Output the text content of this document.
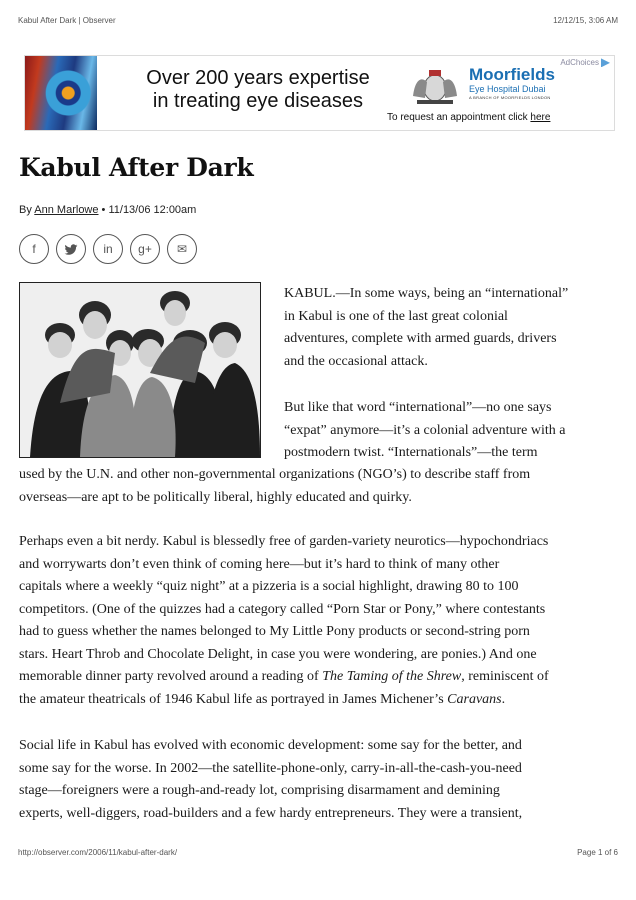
Kabul After Dark | Observer	12/12/15, 3:06 AM
Over 200 years expertise
in treating eye diseases
Moorfields
Eye Hospital Dubai
A BRANCH OF MOORFIELDS LONDON
To request an appointment click here
AdChoices
Kabul After Dark
By Ann Marlowe • 11/13/06 12:00am
f	in	g+	✉
KABUL.—In some ways, being an “international”
in Kabul is one of the last great colonial
adventures, complete with armed guards, drivers
and the occasional attack.
But like that word “international”—no one says
“expat” anymore—it’s a colonial adventure with a
postmodern twist. “Internationals”—the term
used by the U.N. and other non-governmental organizations (NGO’s) to describe staff from
overseas—are apt to be politically liberal, highly educated and quirky.
Perhaps even a bit nerdy. Kabul is blessedly free of garden-variety neurotics—hypochondriacs
and worrywarts don’t even think of coming here—but it’s hard to think of many other
capitals where a weekly “quiz night” at a pizzeria is a social highlight, drawing 80 to 100
competitors. (One of the quizzes had a category called “Porn Star or Pony,” where contestants
had to guess whether the names belonged to My Little Pony products or second-string porn
stars. Heart Throb and Chocolate Delight, in case you were wondering, are ponies.) And one
memorable dinner party revolved around a reading of The Taming of the Shrew, reminiscent of
the amateur theatricals of 1946 Kabul life as portrayed in James Michener’s Caravans.
Social life in Kabul has evolved with economic development: some say for the better, and
some say for the worse. In 2002—the satellite-phone-only, carry-in-all-the-cash-you-need
stage—foreigners were a rough-and-ready lot, comprising disarmament and demining
experts, well-diggers, road-builders and a few hardy entrepreneurs. They were a transient,
http://observer.com/2006/11/kabul-after-dark/	Page 1 of 6
